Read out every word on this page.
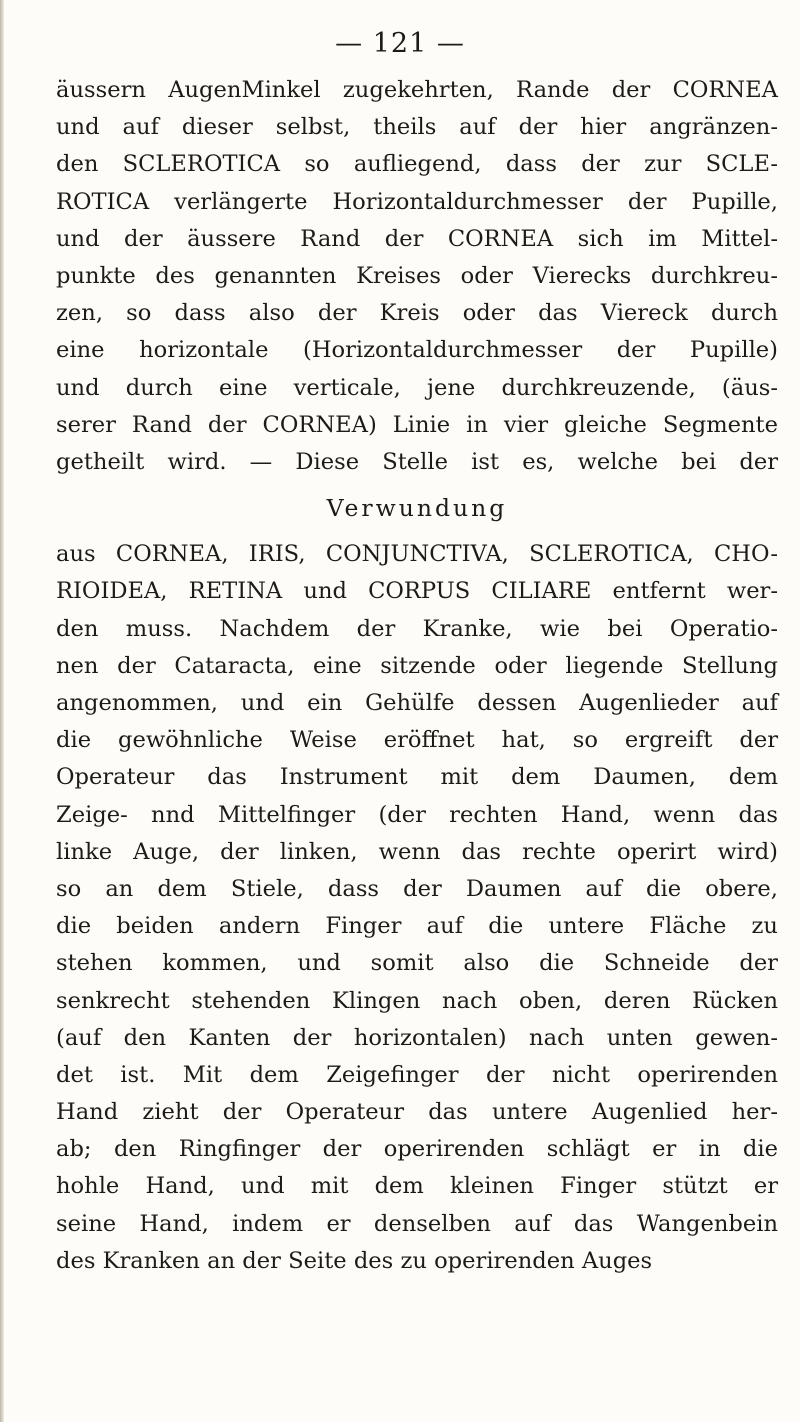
— 121 —
äussern AugenMinkel zugekehrten, Rande der CORNEA
und auf dieser selbst, theils auf der hier angränzen-
den SCLEROTICA so aufliegend, dass der zur SCLE-
ROTICA verlängerte Horizontaldurchmesser der Pupille,
und der äussere Rand der CORNEA sich im Mittel-
punkte des genannten Kreises oder Vierecks durchkreu-
zen, so dass also der Kreis oder das Viereck durch
eine horizontale (Horizontaldurchmesser der Pupille)
und durch eine verticale, jene durchkreuzende, (äus-
serer Rand der CORNEA) Linie in vier gleiche Segmente
getheilt wird. — Diese Stelle ist es, welche bei der
Verwundung
aus CORNEA, IRIS, CONJUNCTIVA, SCLEROTICA, CHO-
RIOIDEA, RETINA und CORPUS CILIARE entfernt wer-
den muss. Nachdem der Kranke, wie bei Operatio-
nen der Cataracta, eine sitzende oder liegende Stellung
angenommen, und ein Gehülfe dessen Augenlieder auf
die gewöhnliche Weise eröffnet hat, so ergreift der
Operateur das Instrument mit dem Daumen, dem
Zeige- nnd Mittelfinger (der rechten Hand, wenn das
linke Auge, der linken, wenn das rechte operirt wird)
so an dem Stiele, dass der Daumen auf die obere,
die beiden andern Finger auf die untere Fläche zu
stehen kommen, und somit also die Schneide der
senkrecht stehenden Klingen nach oben, deren Rücken
(auf den Kanten der horizontalen) nach unten gewen-
det ist. Mit dem Zeigefinger der nicht operirenden
Hand zieht der Operateur das untere Augenlied her-
ab; den Ringfinger der operirenden schlägt er in die
hohle Hand, und mit dem kleinen Finger stützt er
seine Hand, indem er denselben auf das Wangenbein
des Kranken an der Seite des zu operirenden Auges
